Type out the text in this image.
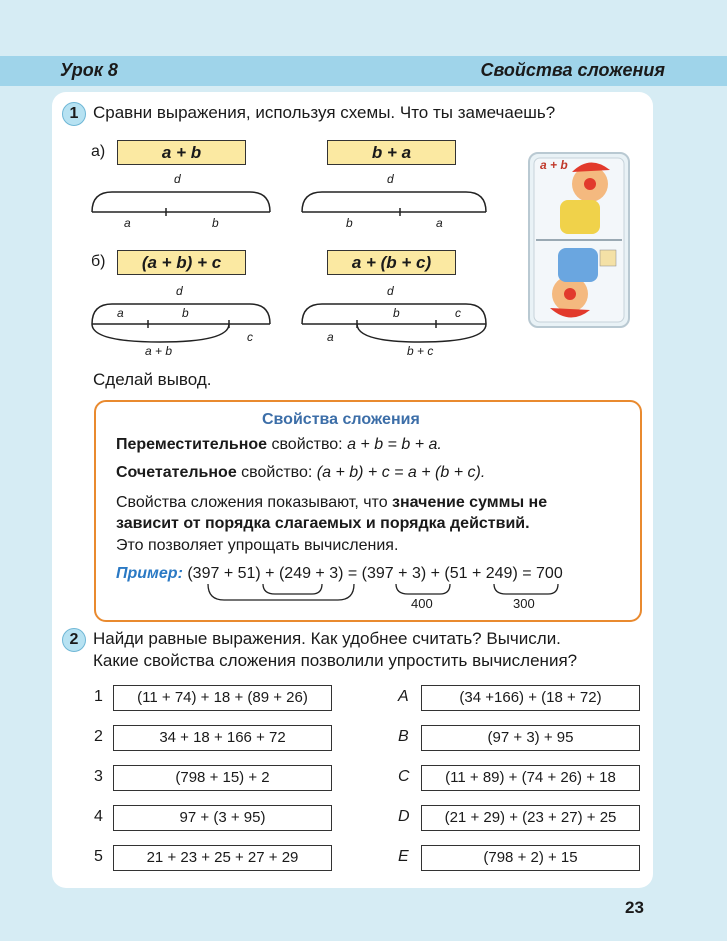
Урок 8	Свойства сложения
1 Сравни выражения, используя схемы. Что ты замечаешь?
а)	a + b	b + a
d
a	b
d
b	a
б)	(a + b) + c	a + (b + c)
d
a	b
c
a + b
d
a
b	c
b + c
a + b
Сделай вывод.
Свойства сложения
Переместительное свойство: a + b = b + a.
Сочетательное свойство: (a + b) + c = a + (b + c).
Свойства сложения показывают, что значение суммы не
зависит от порядка слагаемых и порядка действий.
Это позволяет упрощать вычисления.
Пример: (397 + 51) + (249 + 3) = (397 + 3) + (51 + 249) = 700
400	300
2 Найди равные выражения. Как удобнее считать? Вычисли.
Какие свойства сложения позволили упростить вычисления?
1	(11 + 74) + 18 + (89 + 26)
2	34 + 18 + 166 + 72
3	(798 + 15) + 2
4	97 + (3 + 95)
5	21 + 23 + 25 + 27 + 29
A	(34 +166) + (18 + 72)
B	(97 + 3) + 95
C	(11 + 89) + (74 + 26) + 18
D	(21 + 29) + (23 + 27) + 25
E	(798 + 2) + 15
23
